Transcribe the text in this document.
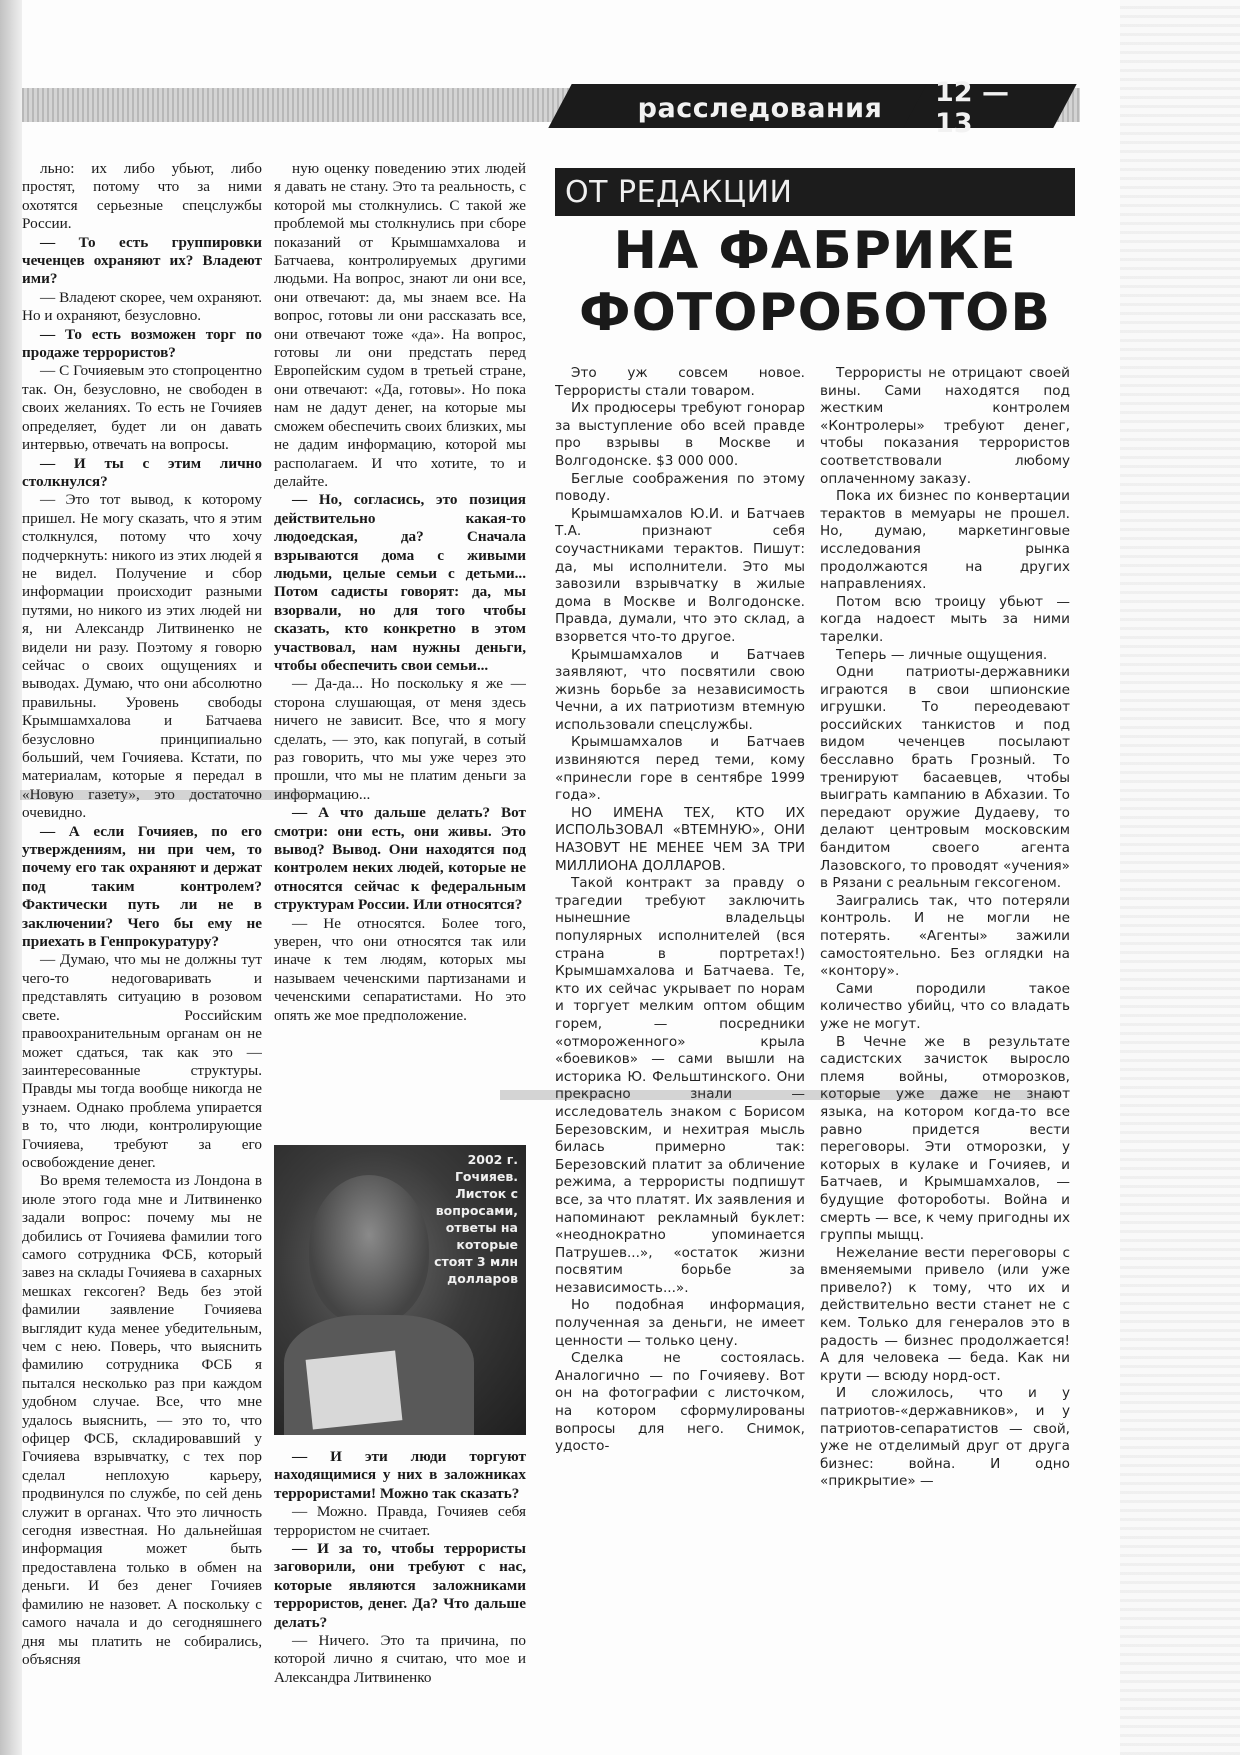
расследования	12 — 13

льно: их либо убьют, либо простят, потому что за ними охотятся серьезные спецслужбы России.

— То есть группировки чеченцев охраняют их? Владеют ими?

— Владеют скорее, чем охраняют. Но и охраняют, безусловно.

— То есть возможен торг по продаже террористов?

— С Гочияевым это стопроцентно так. Он, безусловно, не свободен в своих желаниях. То есть не Гочияев определяет, будет ли он давать интервью, отвечать на вопросы.

— И ты с этим лично столкнулся?

— Это тот вывод, к которому пришел. Не могу сказать, что я этим столкнулся, потому что хочу подчеркнуть: никого из этих людей я не видел. Получение и сбор информации происходит разными путями, но никого из этих людей ни я, ни Александр Литвиненко не видели ни разу. Поэтому я говорю сейчас о своих ощущениях и выводах. Думаю, что они абсолютно правильны. Уровень свободы Крымшамхалова и Батчаева безусловно принципиально больший, чем Гочияева. Кстати, по материалам, которые я передал в «Новую газету», это достаточно очевидно.

— А если Гочияев, по его утверждениям, ни при чем, то почему его так охраняют и держат под таким контролем? Фактически путь ли не в заключении? Чего бы ему не приехать в Генпрокуратуру?

— Думаю, что мы не должны тут чего-то недоговаривать и представлять ситуацию в розовом свете. Российским правоохранительным органам он не может сдаться, так как это — заинтересованные структуры. Правды мы тогда вообще никогда не узнаем. Однако проблема упирается в то, что люди, контролирующие Гочияева, требуют за его освобождение денег.

Во время телемоста из Лондона в июле этого года мне и Литвиненко задали вопрос: почему мы не добились от Гочияева фамилии того самого сотрудника ФСБ, который завез на склады Гочияева в сахарных мешках гексоген? Ведь без этой фамилии заявление Гочияева выглядит куда менее убедительным, чем с нею. Поверь, что выяснить фамилию сотрудника ФСБ я пытался несколько раз при каждом удобном случае. Все, что мне удалось выяснить, — это то, что офицер ФСБ, складировавший у Гочияева взрывчатку, с тех пор сделал неплохую карьеру, продвинулся по службе, по сей день служит в органах. Что это личность сегодня известная. Но дальнейшая информация может быть предоставлена только в обмен на деньги. И без денег Гочияев фамилию не назовет. А поскольку с самого начала и до сегодняшнего дня мы платить не собирались, объясняя

ную оценку поведению этих людей я давать не стану. Это та реальность, с которой мы столкнулись. С такой же проблемой мы столкнулись при сборе показаний от Крымшамхалова и Батчаева, контролируемых другими людьми. На вопрос, знают ли они все, они отвечают: да, мы знаем все. На вопрос, готовы ли они рассказать все, они отвечают тоже «да». На вопрос, готовы ли они предстать перед Европейским судом в третьей стране, они отвечают: «Да, готовы». Но пока нам не дадут денег, на которые мы сможем обеспечить своих близких, мы не дадим информацию, которой мы располагаем. И что хотите, то и делайте.

— Но, согласись, это позиция действительно какая-то людоедская, да? Сначала взрываются дома с живыми людьми, целые семьи с детьми... Потом садисты говорят: да, мы взорвали, но для того чтобы сказать, кто конкретно в этом участвовал, нам нужны деньги, чтобы обеспечить свои семьи...

— Да-да... Но поскольку я же — сторона слушающая, от меня здесь ничего не зависит. Все, что я могу сделать, — это, как попугай, в сотый раз говорить, что мы уже через это прошли, что мы не платим деньги за информацию...

— А что дальше делать? Вот смотри: они есть, они живы. Это вывод? Вывод. Они находятся под контролем неких людей, которые не относятся сейчас к федеральным структурам России. Или относятся?

— Не относятся. Более того, уверен, что они относятся так или иначе к тем людям, которых мы называем чеченскими партизанами и чеченскими сепаратистами. Но это опять же мое предположение.

2002 г.
Гочияев. Листок с вопросами, ответы на которые стоят 3 млн долларов

— И эти люди торгуют находящимися у них в заложниках террористами! Можно так сказать?

— Можно. Правда, Гочияев себя террористом не считает.

— И за то, чтобы террористы заговорили, они требуют с нас, которые являются заложниками террористов, денег. Да? Что дальше делать?

— Ничего. Это та причина, по которой лично я считаю, что мое и Александра Литвиненко

ОТ РЕДАКЦИИ
НА ФАБРИКЕ
ФОТОРОБОТОВ

Это уж совсем новое. Террористы стали товаром.

Их продюсеры требуют гонорар за выступление обо всей правде про взрывы в Москве и Волгодонске. $3 000 000.

Беглые соображения по этому поводу.

Крымшамхалов Ю.И. и Батчаев Т.А. признают себя соучастниками терактов. Пишут: да, мы исполнители. Это мы завозили взрывчатку в жилые дома в Москве и Волгодонске. Правда, думали, что это склад, а взорвется что-то другое.

Крымшамхалов и Батчаев заявляют, что посвятили свою жизнь борьбе за независимость Чечни, а их патриотизм втемную использовали спецслужбы.

Крымшамхалов и Батчаев извиняются перед теми, кому «принесли горе в сентябре 1999 года».

НО ИМЕНА ТЕХ, КТО ИХ ИСПОЛЬЗОВАЛ «ВТЕМНУЮ», ОНИ НАЗОВУТ НЕ МЕНЕЕ ЧЕМ ЗА ТРИ МИЛЛИОНА ДОЛЛАРОВ.

Такой контракт за правду о трагедии требуют заключить нынешние владельцы популярных исполнителей (вся страна в портретах!) Крымшамхалова и Батчаева. Те, кто их сейчас укрывает по норам и торгует мелким оптом общим горем, — посредники «отмороженного» крыла «боевиков» — сами вышли на историка Ю. Фельштинского. Они прекрасно знали — исследователь знаком с Борисом Березовским, и нехитрая мысль билась примерно так: Березовский платит за обличение режима, а террористы подпишут все, за что платят. Их заявления и напоминают рекламный буклет: «неоднократно упоминается Патрушев...», «остаток жизни посвятим борьбе за независимость...».

Но подобная информация, полученная за деньги, не имеет ценности — только цену.

Сделка не состоялась. Аналогично — по Гочияеву. Вот он на фотографии с листочком, на котором сформулированы вопросы для него. Снимок, удосто-

Террористы не отрицают своей вины. Сами находятся под жестким контролем «Контролеры» требуют денег, чтобы показания террористов соответствовали любому оплаченному заказу.

Пока их бизнес по конвертации терактов в мемуары не прошел. Но, думаю, маркетинговые исследования рынка продолжаются на других направлениях.

Потом всю троицу убьют — когда надоест мыть за ними тарелки.

Теперь — личные ощущения.

Одни патриоты-державники играются в свои шпионские игрушки. То переодевают российских танкистов и под видом чеченцев посылают бесславно брать Грозный. То тренируют басаевцев, чтобы выиграть кампанию в Абхазии. То передают оружие Дудаеву, то делают центровым московским бандитом своего агента Лазовского, то проводят «учения» в Рязани с реальным гексогеном.

Заигрались так, что потеряли контроль. И не могли не потерять. «Агенты» зажили самостоятельно. Без оглядки на «контору».

Сами породили такое количество убийц, что со владать уже не могут.

В Чечне же в результате садистских зачисток выросло племя войны, отморозков, которые уже даже не знают языка, на котором когда-то все равно придется вести переговоры. Эти отморозки, у которых в кулаке и Гочияев, и Батчаев, и Крымшамхалов, — будущие фотороботы. Война и смерть — все, к чему пригодны их группы мыщц.

Нежелание вести переговоры с вменяемыми привело (или уже привело?) к тому, что их и действительно вести станет не с кем. Только для генералов это в радость — бизнес продолжается! А для человека — беда. Как ни крути — всюду норд-ост.

И сложилось, что и у патриотов-«державников», и у патриотов-сепаратистов — свой, уже не отделимый друг от друга бизнес: война. И одно «прикрытие» —
